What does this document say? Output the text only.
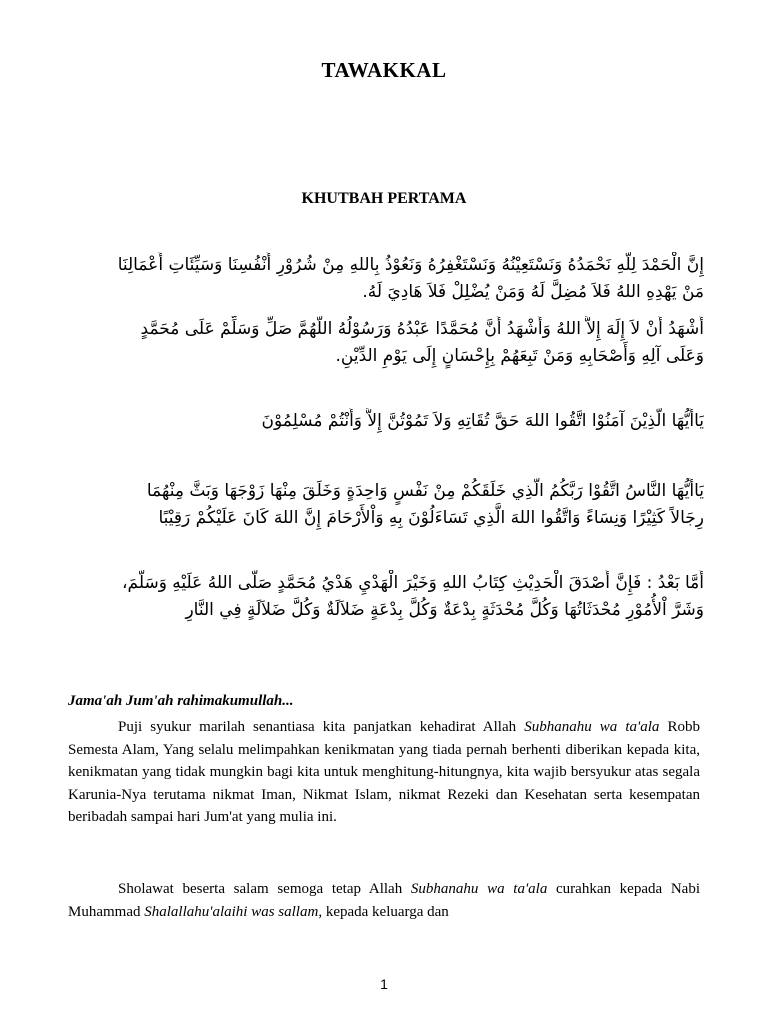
TAWAKKAL
KHUTBAH PERTAMA
إِنَّ الْحَمْدَ لِلَّهِ نَحْمَدُهُ وَنَسْتَعِيْنُهُ وَنَسْتَغْفِرُهُ وَنَعُوْذُ بِاللهِ مِنْ شُرُوْرِ أَنْفُسِنَا وَسَيِّئَاتِ أَعْمَالِنَا
مَنْ يَهْدِهِ اللهُ فَلاَ مُضِلَّ لَهُ وَمَنْ يُضْلِلْ فَلاَ هَادِيَ لَهُ.
أَشْهَدُ أَنْ لاَ إِلَهَ إِلاَّ اللهُ وَأَشْهَدُ أَنَّ مُحَمَّدًا عَبْدُهُ وَرَسُوْلُهُ اللَّهُمَّ صَلِّ وَسَلِّمْ عَلَى مُحَمَّدٍ
وَعَلَى آلِهِ وَأَصْحَابِهِ وَمَنْ تَبِعَهُمْ بِإِحْسَانٍ إِلَى يَوْمِ الدِّيْنِ.
يَاأَيُّهَا الَّذِيْنَ آمَنُوْا اتَّقُوا اللهَ حَقَّ تُقَاتِهِ وَلاَ تَمُوْتُنَّ إِلاَّ وَأَنْتُمْ مُسْلِمُوْنَ
يَاأَيُّهَا النَّاسُ اتَّقُوْا رَبَّكُمُ الَّذِي خَلَقَكُمْ مِنْ نَفْسٍ وَاحِدَةٍ وَخَلَقَ مِنْهَا زَوْجَهَا وَبَثَّ مِنْهُمَا
رِجَالاً كَثِيْرًا وَنِسَاءً وَاتَّقُوا اللهَ الَّذِي تَسَاءَلُوْنَ بِهِ وَاْلأَرْحَامَ إِنَّ اللهَ كَانَ عَلَيْكُمْ رَقِيْبًا
أَمَّا بَعْدُ : فَإِنَّ أَصْدَقَ الْحَدِيْثِ كِتَابُ اللهِ وَخَيْرَ الْهَدْيِ هَدْيُ مُحَمَّدٍ صَلَّى اللهُ عَلَيْهِ وَسَلَّمَ،
وَشَرَّ اْلأُمُوْرِ مُحْدَثَاتُهَا وَكُلَّ مُحْدَثَةٍ بِدْعَةٌ وَكُلَّ بِدْعَةٍ ضَلاَلَةٌ وَكُلَّ ضَلاَلَةٍ فِي النَّارِ
Jama'ah Jum'ah rahimakumullah...

Puji syukur marilah senantiasa kita panjatkan kehadirat Allah Subhanahu wa ta'ala Robb Semesta Alam, Yang selalu melimpahkan kenikmatan yang tiada pernah berhenti diberikan kepada kita, kenikmatan yang tidak mungkin bagi kita untuk menghitung-hitungnya, kita wajib bersyukur atas segala Karunia-Nya terutama nikmat Iman, Nikmat Islam, nikmat Rezeki dan Kesehatan serta kesempatan beribadah sampai hari Jum'at yang mulia ini.

Sholawat beserta salam semoga tetap Allah Subhanahu wa ta'ala curahkan kepada Nabi Muhammad Shalallahu'alaihi was sallam, kepada keluarga dan

1
